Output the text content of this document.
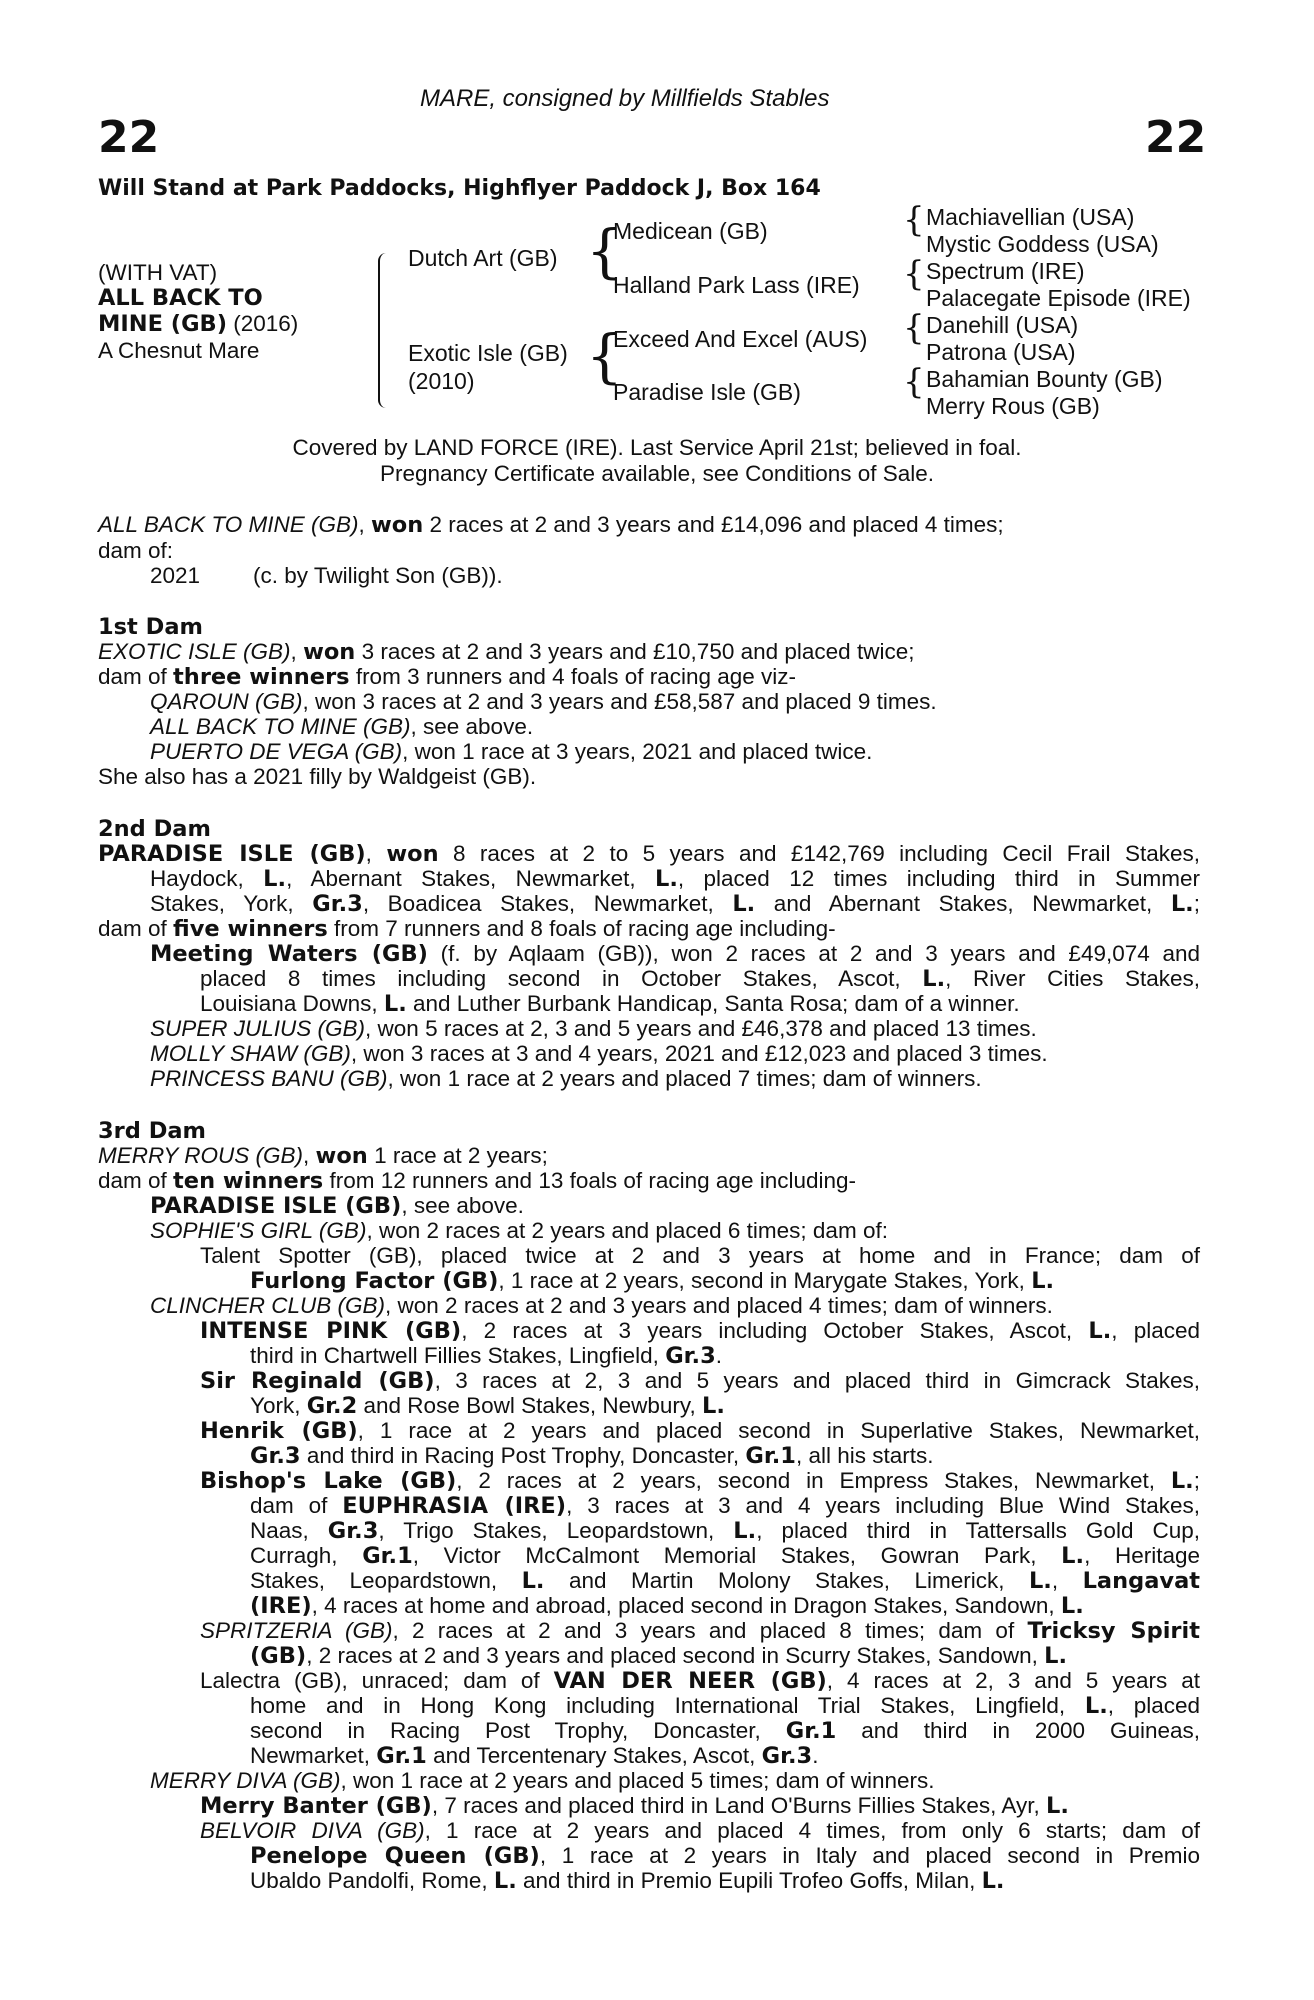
MARE, consigned by Millfields Stables
22	22
Will Stand at Park Paddocks, Highflyer Paddock J, Box 164
(WITH VAT)
ALL BACK TO
MINE (GB) (2016)
A Chesnut Mare
Dutch Art (GB)
Exotic Isle (GB)
(2010)
{
Medicean (GB)
Halland Park Lass (IRE)
{
Exceed And Excel (AUS)
Paradise Isle (GB)
{ Machiavellian (USA)
Mystic Goddess (USA)
{ Spectrum (IRE)
Palacegate Episode (IRE)
{ Danehill (USA)
Patrona (USA)
{ Bahamian Bounty (GB)
Merry Rous (GB)
Covered by LAND FORCE (IRE). Last Service April 21st; believed in foal.
Pregnancy Certificate available, see Conditions of Sale.
ALL BACK TO MINE (GB), won 2 races at 2 and 3 years and £14,096 and placed 4 times;
dam of:
2021 (c. by Twilight Son (GB)).
1st Dam
EXOTIC ISLE (GB), won 3 races at 2 and 3 years and £10,750 and placed twice;
dam of three winners from 3 runners and 4 foals of racing age viz-
QAROUN (GB), won 3 races at 2 and 3 years and £58,587 and placed 9 times.
ALL BACK TO MINE (GB), see above.
PUERTO DE VEGA (GB), won 1 race at 3 years, 2021 and placed twice.
She also has a 2021 filly by Waldgeist (GB).
2nd Dam
PARADISE ISLE (GB), won 8 races at 2 to 5 years and £142,769 including Cecil Frail Stakes,
Haydock, L., Abernant Stakes, Newmarket, L., placed 12 times including third in Summer
Stakes, York, Gr.3, Boadicea Stakes, Newmarket, L. and Abernant Stakes, Newmarket, L.;
dam of five winners from 7 runners and 8 foals of racing age including-
Meeting Waters (GB) (f. by Aqlaam (GB)), won 2 races at 2 and 3 years and £49,074 and
placed 8 times including second in October Stakes, Ascot, L., River Cities Stakes,
Louisiana Downs, L. and Luther Burbank Handicap, Santa Rosa; dam of a winner.
SUPER JULIUS (GB), won 5 races at 2, 3 and 5 years and £46,378 and placed 13 times.
MOLLY SHAW (GB), won 3 races at 3 and 4 years, 2021 and £12,023 and placed 3 times.
PRINCESS BANU (GB), won 1 race at 2 years and placed 7 times; dam of winners.
3rd Dam
MERRY ROUS (GB), won 1 race at 2 years;
dam of ten winners from 12 runners and 13 foals of racing age including-
PARADISE ISLE (GB), see above.
SOPHIE'S GIRL (GB), won 2 races at 2 years and placed 6 times; dam of:
Talent Spotter (GB), placed twice at 2 and 3 years at home and in France; dam of
Furlong Factor (GB), 1 race at 2 years, second in Marygate Stakes, York, L.
CLINCHER CLUB (GB), won 2 races at 2 and 3 years and placed 4 times; dam of winners.
INTENSE PINK (GB), 2 races at 3 years including October Stakes, Ascot, L., placed
third in Chartwell Fillies Stakes, Lingfield, Gr.3.
Sir Reginald (GB), 3 races at 2, 3 and 5 years and placed third in Gimcrack Stakes,
York, Gr.2 and Rose Bowl Stakes, Newbury, L.
Henrik (GB), 1 race at 2 years and placed second in Superlative Stakes, Newmarket,
Gr.3 and third in Racing Post Trophy, Doncaster, Gr.1, all his starts.
Bishop's Lake (GB), 2 races at 2 years, second in Empress Stakes, Newmarket, L.;
dam of EUPHRASIA (IRE), 3 races at 3 and 4 years including Blue Wind Stakes,
Naas, Gr.3, Trigo Stakes, Leopardstown, L., placed third in Tattersalls Gold Cup,
Curragh, Gr.1, Victor McCalmont Memorial Stakes, Gowran Park, L., Heritage
Stakes, Leopardstown, L. and Martin Molony Stakes, Limerick, L., Langavat
(IRE), 4 races at home and abroad, placed second in Dragon Stakes, Sandown, L.
SPRITZERIA (GB), 2 races at 2 and 3 years and placed 8 times; dam of Tricksy Spirit
(GB), 2 races at 2 and 3 years and placed second in Scurry Stakes, Sandown, L.
Lalectra (GB), unraced; dam of VAN DER NEER (GB), 4 races at 2, 3 and 5 years at
home and in Hong Kong including International Trial Stakes, Lingfield, L., placed
second in Racing Post Trophy, Doncaster, Gr.1 and third in 2000 Guineas,
Newmarket, Gr.1 and Tercentenary Stakes, Ascot, Gr.3.
MERRY DIVA (GB), won 1 race at 2 years and placed 5 times; dam of winners.
Merry Banter (GB), 7 races and placed third in Land O'Burns Fillies Stakes, Ayr, L.
BELVOIR DIVA (GB), 1 race at 2 years and placed 4 times, from only 6 starts; dam of
Penelope Queen (GB), 1 race at 2 years in Italy and placed second in Premio
Ubaldo Pandolfi, Rome, L. and third in Premio Eupili Trofeo Goffs, Milan, L.
